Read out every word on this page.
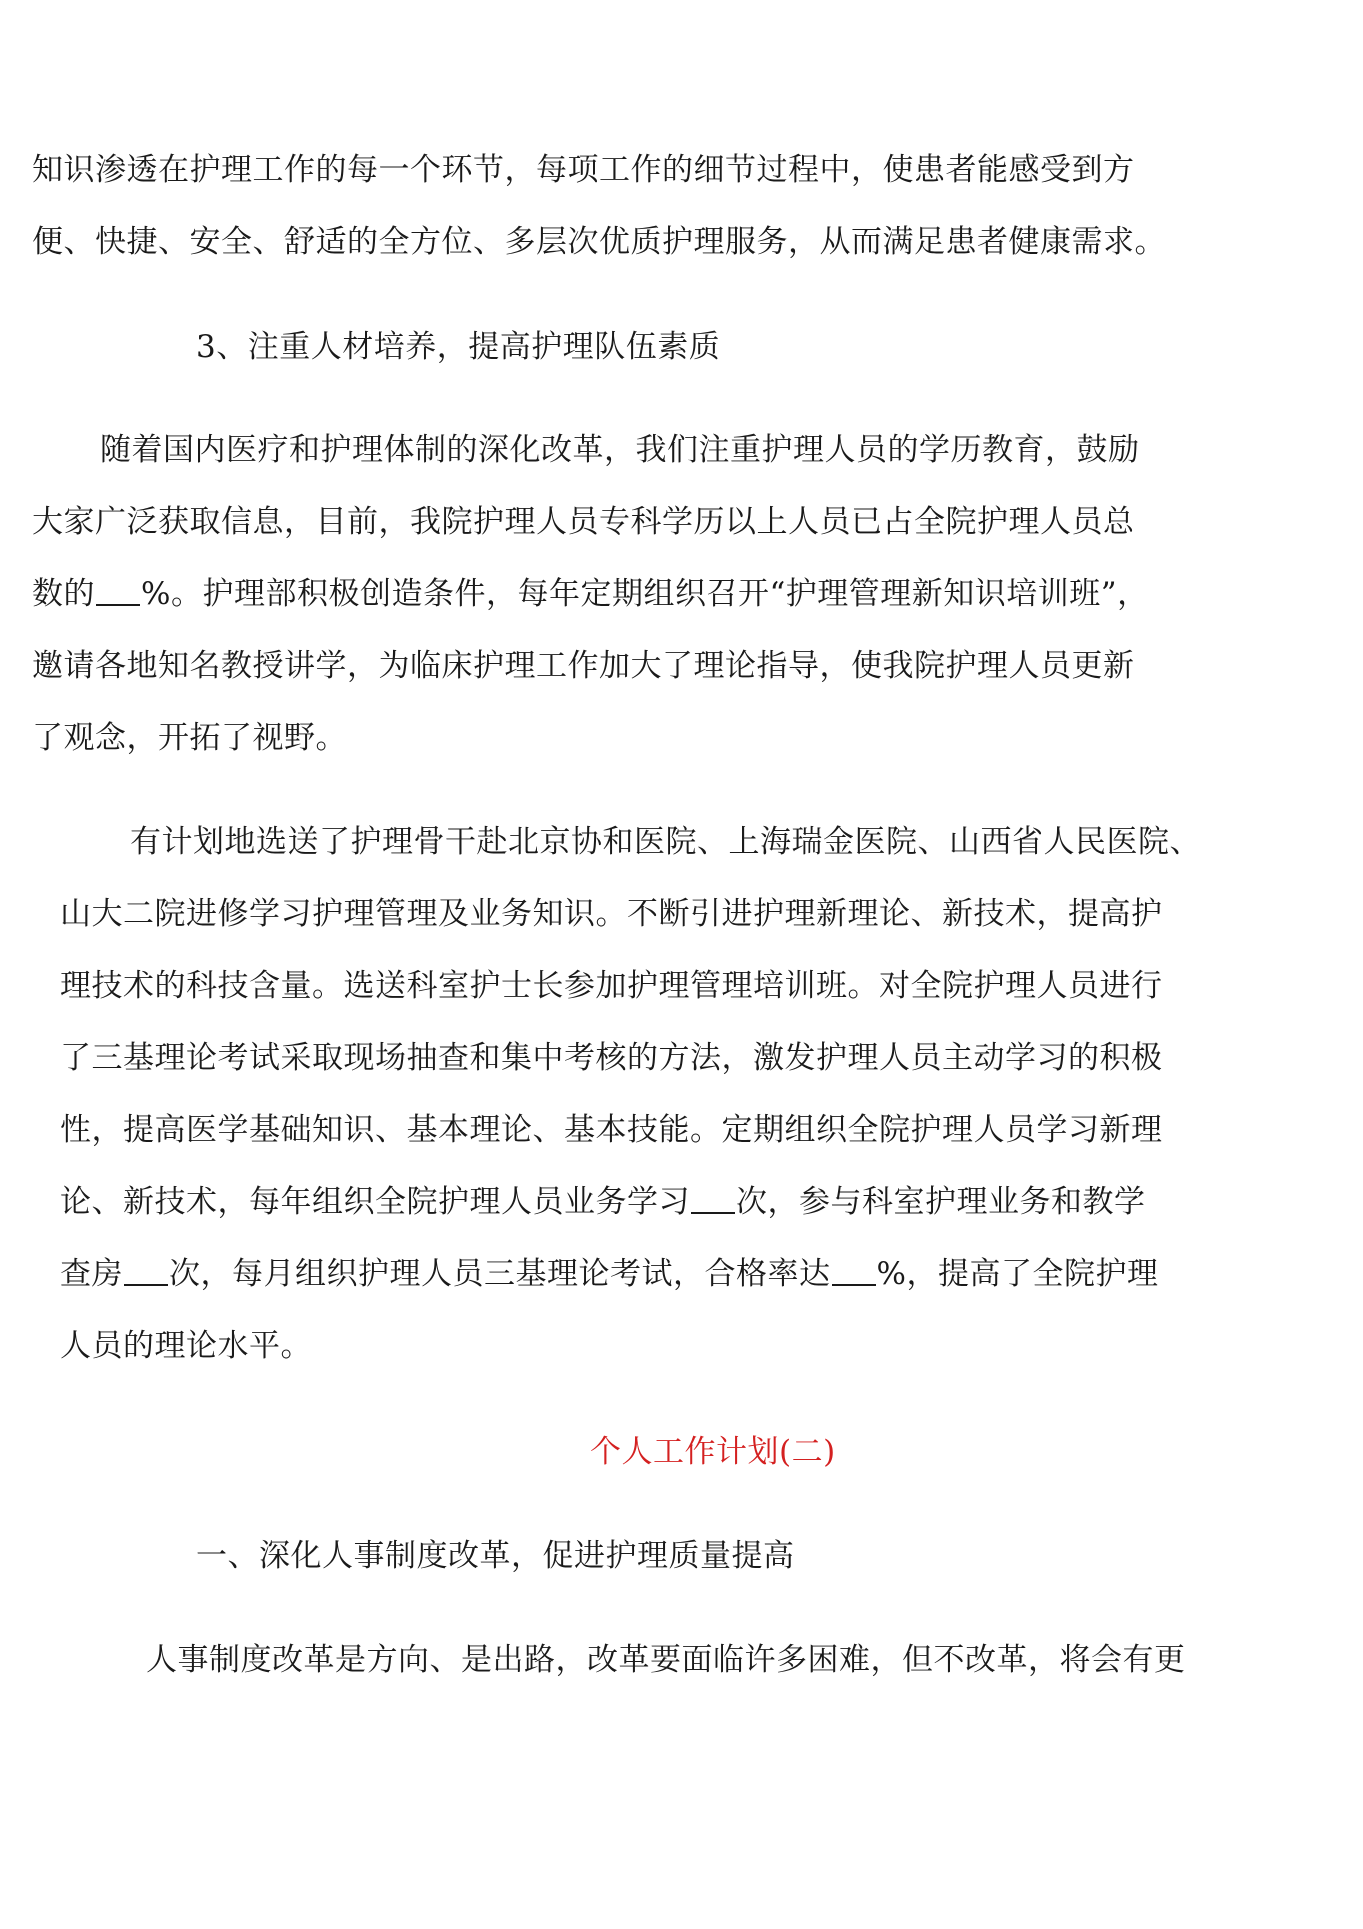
知识渗透在护理工作的每一个环节，每项工作的细节过程中，使患者能感受到方
便、快捷、安全、舒适的全方位、多层次优质护理服务，从而满足患者健康需求。
3、注重人材培养，提高护理队伍素质
随着国内医疗和护理体制的深化改革，我们注重护理人员的学历教育，鼓励
大家广泛获取信息，目前，我院护理人员专科学历以上人员已占全院护理人员总
数的 %。护理部积极创造条件，每年定期组织召开“护理管理新知识培训班”，
邀请各地知名教授讲学，为临床护理工作加大了理论指导，使我院护理人员更新
了观念，开拓了视野。
有计划地选送了护理骨干赴北京协和医院、上海瑞金医院、山西省人民医院、
山大二院进修学习护理管理及业务知识。不断引进护理新理论、新技术，提高护
理技术的科技含量。选送科室护士长参加护理管理培训班。对全院护理人员进行
了三基理论考试采取现场抽查和集中考核的方法，激发护理人员主动学习的积极
性，提高医学基础知识、基本理论、基本技能。定期组织全院护理人员学习新理
论、新技术，每年组织全院护理人员业务学习 次，参与科室护理业务和教学
查房 次，每月组织护理人员三基理论考试，合格率达 %，提高了全院护理
人员的理论水平。
个人工作计划(二)
一、深化人事制度改革，促进护理质量提高
人事制度改革是方向、是出路，改革要面临许多困难，但不改革，将会有更
